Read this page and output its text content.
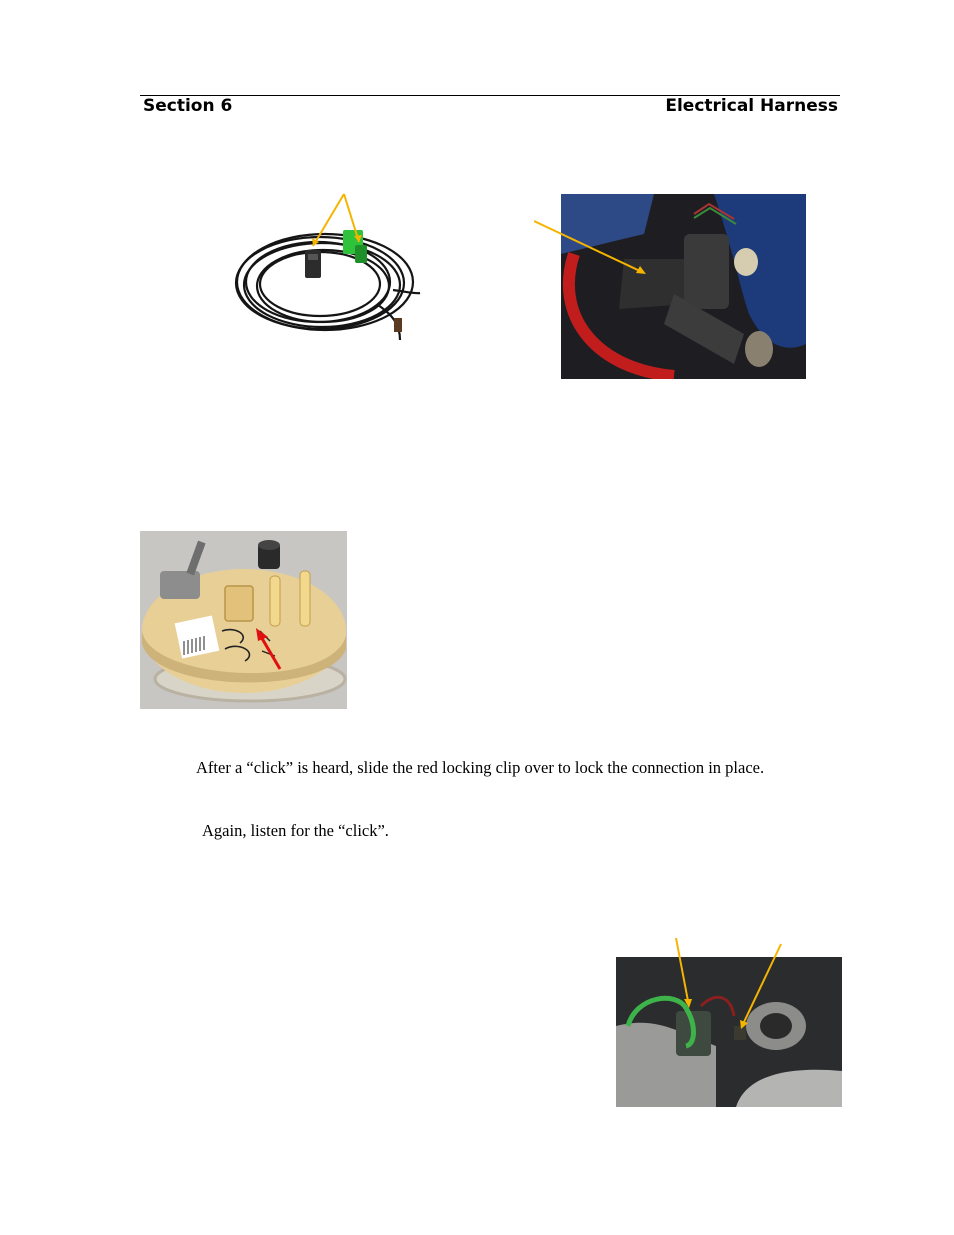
Section 6	Electrical Harness
After a “click” is heard, slide the red locking clip over to lock the connection in place.
Again, listen for the “click”.
